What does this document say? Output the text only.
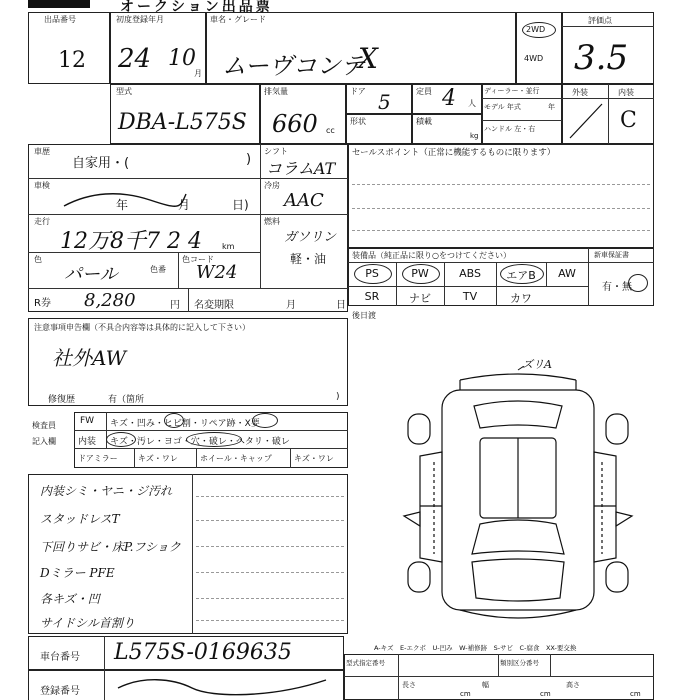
オークション出品票
出品番号
12
初度登録年月
24 10
月
車名・グレード
ムーヴコンテ
X
2WD
4WD
評価点
3.5
型式
DBA-L575S
排気量
660 cc
ドア 5	定員 4 人
ディーラー・並行
モデル 年式	年
ハンドル 左・右
形状	積載
kg
外装	内装
C
車歴
自家用・(	)
シフト
コラムAT
車検
年	月	日)
冷房
AAC
走行
12万8千7 2 4	km
燃料
ガソリン
軽・油
色
パール	色番
色コード
W24
R券 8,280	円 名変期限	月	日
セールスポイント（正常に機能するものに限ります）
装備品（純正品に限り○をつけてください）	新車保証書
有・無
PS	PW	ABS	エアB	AW
SR	ナビ	TV	カワ
後日渡
注意事項申告欄（不具合内容等は具体的に記入して下さい）
社外AW
修復歴	有（箇所	)
検査員
記入欄
FW キズ・凹み・ヒビ割・リペア跡・X要
内装 キズ・汚レ・ヨゴ・穴・破レ・ヘタリ・破レ
ドアミラー	キズ・ワレ	ホイール・キャップ	キズ・ワレ
内装シミ・ヤニ・ジ汚れ
スタッドレスT
下回りサビ・床P.フショク
Dミラー PFE
各キズ・凹
サイドシル首割り
ズリA
A-キズ　E-エクボ　U-凹み　W-補修跡　S-サビ　C-腐食　XX-要交換
車台番号 L575S-0169635
登録番号
型式指定番号	類別区分番号
長さ
cm
幅
cm
高さ
cm
